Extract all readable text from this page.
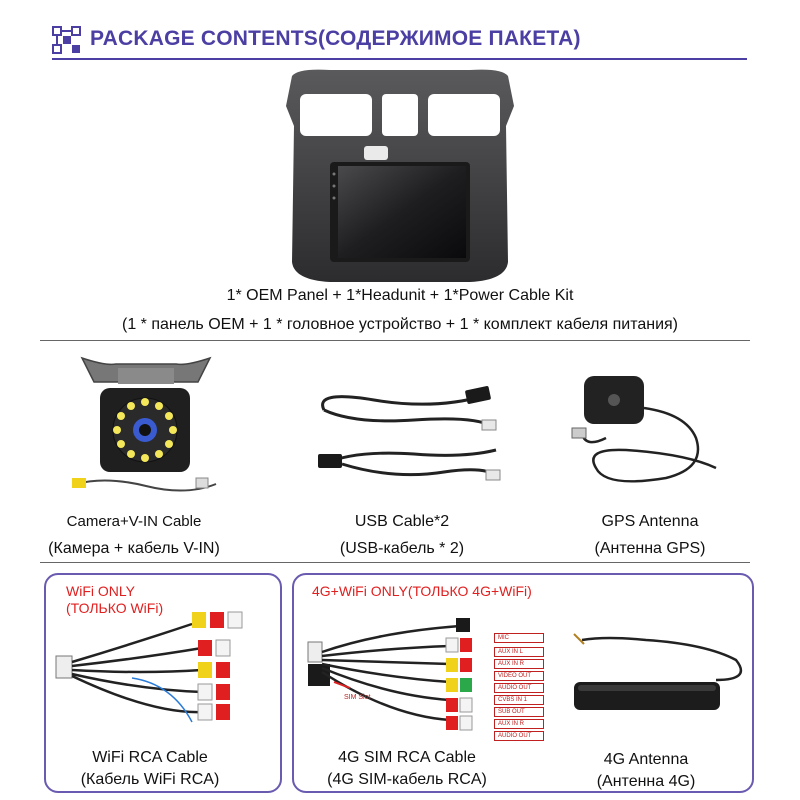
PACKAGE CONTENTS(СОДЕРЖИМОЕ ПАКЕТА)
1* OEM Panel + 1*Headunit + 1*Power Cable Kit
(1 * панель OEM + 1 * головное устройство + 1 * комплект кабеля питания)
Camera+V-IN Cable
(Камера + кабель V-IN)
USB Cable*2
(USB-кабель * 2)
GPS Antenna
(Антенна GPS)
WiFi ONLY
(ТОЛЬКО WiFi)
WiFi RCA Cable
(Кабель WiFi RCA)
4G+WiFi ONLY(ТОЛЬКО 4G+WiFi)
SIM Slot
MIC
AUX IN L
AUX IN R
VIDEO OUT
AUDIO OUT
CVBS IN 1
SUB OUT
AUX IN R
AUDIO OUT
4G SIM RCA Cable
(4G SIM-кабель RCA)
4G Antenna
(Антенна 4G)
